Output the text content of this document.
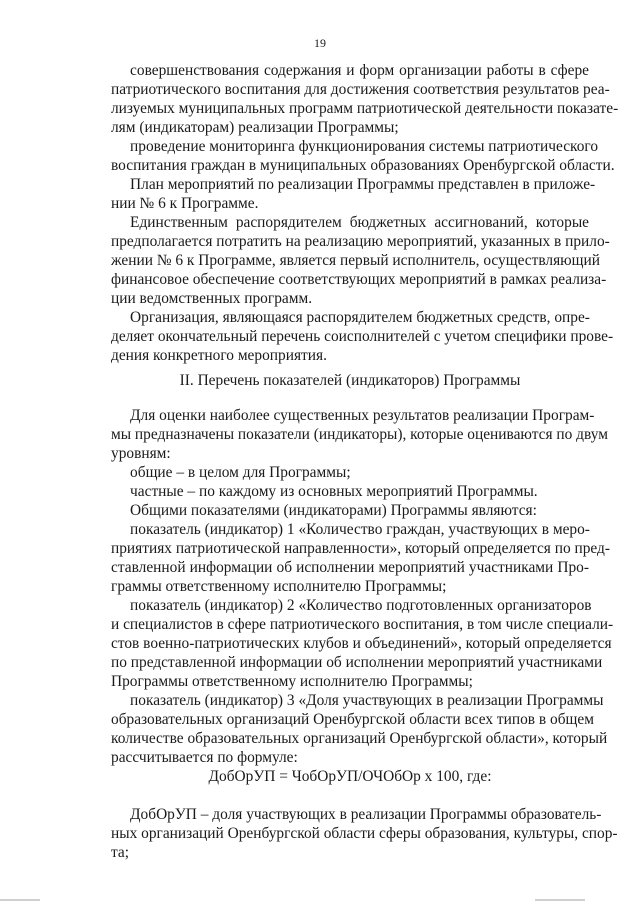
19
совершенствования содержания и форм организации работы в сфере
патриотического воспитания для достижения соответствия результатов реа-
лизуемых муниципальных программ патриотической деятельности показате-
лям (индикаторам) реализации Программы;
проведение мониторинга функционирования системы патриотического
воспитания граждан в муниципальных образованиях Оренбургской области.
План мероприятий по реализации Программы представлен в приложе-
нии № 6 к Программе.
Единственным распорядителем бюджетных ассигнований, которые
предполагается потратить на реализацию мероприятий, указанных в прило-
жении № 6 к Программе, является первый исполнитель, осуществляющий
финансовое обеспечение соответствующих мероприятий в рамках реализа-
ции ведомственных программ.
Организация, являющаяся распорядителем бюджетных средств, опре-
деляет окончательный перечень соисполнителей с учетом специфики прове-
дения конкретного мероприятия.
II. Перечень показателей (индикаторов) Программы
Для оценки наиболее существенных результатов реализации Програм-
мы предназначены показатели (индикаторы), которые оцениваются по двум
уровням:
общие – в целом для Программы;
частные – по каждому из основных мероприятий Программы.
Общими показателями (индикаторами) Программы являются:
показатель (индикатор) 1 «Количество граждан, участвующих в меро-
приятиях патриотической направленности», который определяется по пред-
ставленной информации об исполнении мероприятий участниками Про-
граммы ответственному исполнителю Программы;
показатель (индикатор) 2 «Количество подготовленных организаторов
и специалистов в сфере патриотического воспитания, в том числе специали-
стов военно-патриотических клубов и объединений», который определяется
по представленной информации об исполнении мероприятий участниками
Программы ответственному исполнителю Программы;
показатель (индикатор) 3 «Доля участвующих в реализации Программы
образовательных организаций Оренбургской области всех типов в общем
количестве образовательных организаций Оренбургской области», который
рассчитывается по формуле:
ДобОрУП = ЧобОрУП/ОЧОбОр х 100, где:
ДобОрУП – доля участвующих в реализации Программы образователь-
ных организаций Оренбургской области сферы образования, культуры, спор-
та;
